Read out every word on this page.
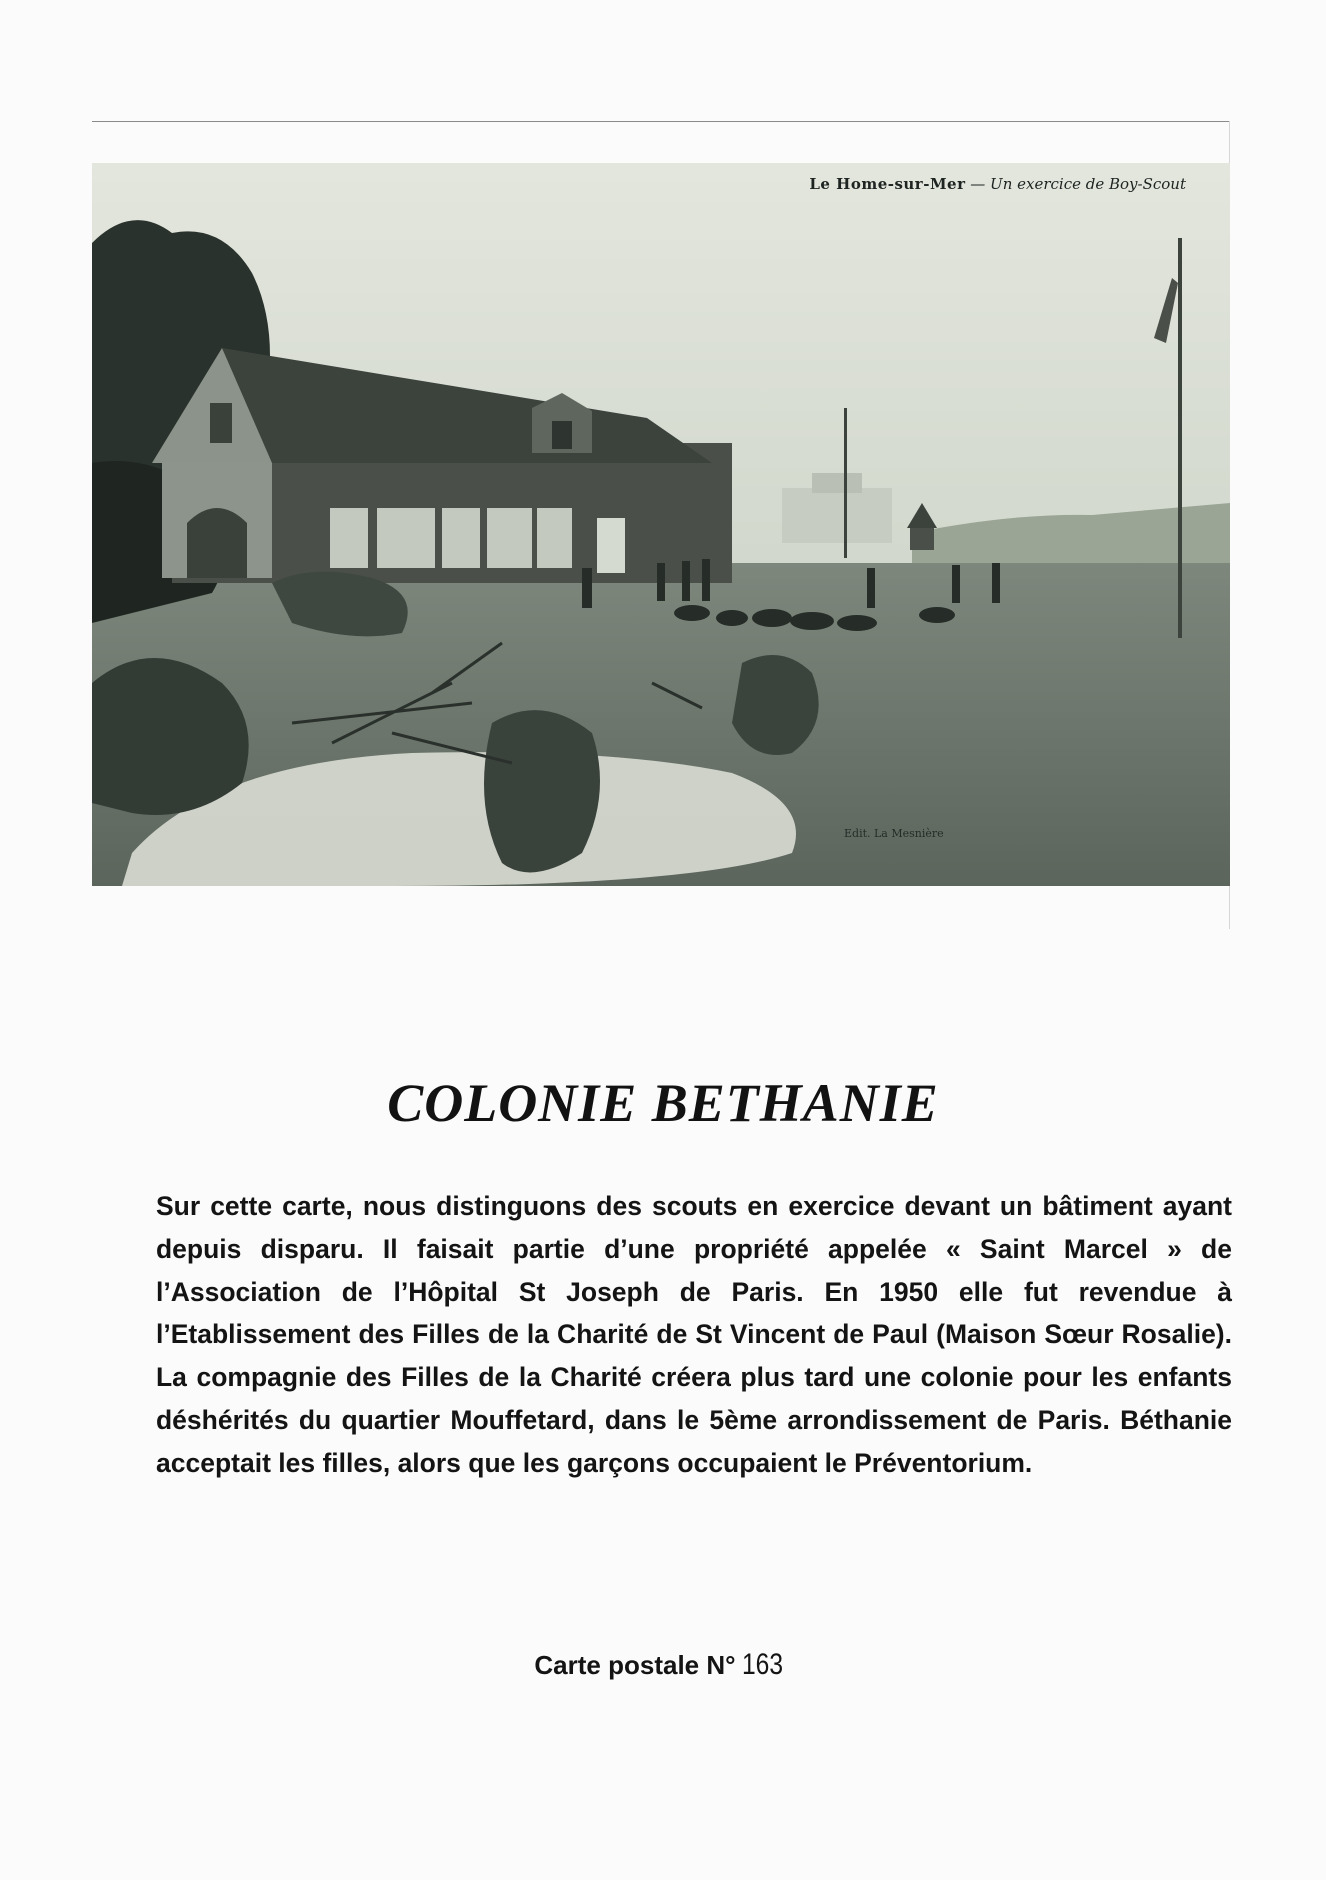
Le Home-sur-Mer — Un exercice de Boy-Scout
Edit. La Mesnière
COLONIE BETHANIE

Sur cette carte, nous distinguons des scouts en exercice devant un bâtiment ayant depuis disparu. Il faisait partie d’une propriété appelée « Saint Marcel » de l’Association de l’Hôpital St Joseph de Paris. En 1950 elle fut revendue à l’Etablissement des Filles de la Charité de St Vincent de Paul (Maison Sœur Rosalie). La compagnie des Filles de la Charité créera plus tard une colonie pour les enfants déshérités du quartier Mouffetard, dans le 5ème arrondissement de Paris. Béthanie acceptait les filles, alors que les garçons occupaient le Préventorium.

Carte postale N° 163
